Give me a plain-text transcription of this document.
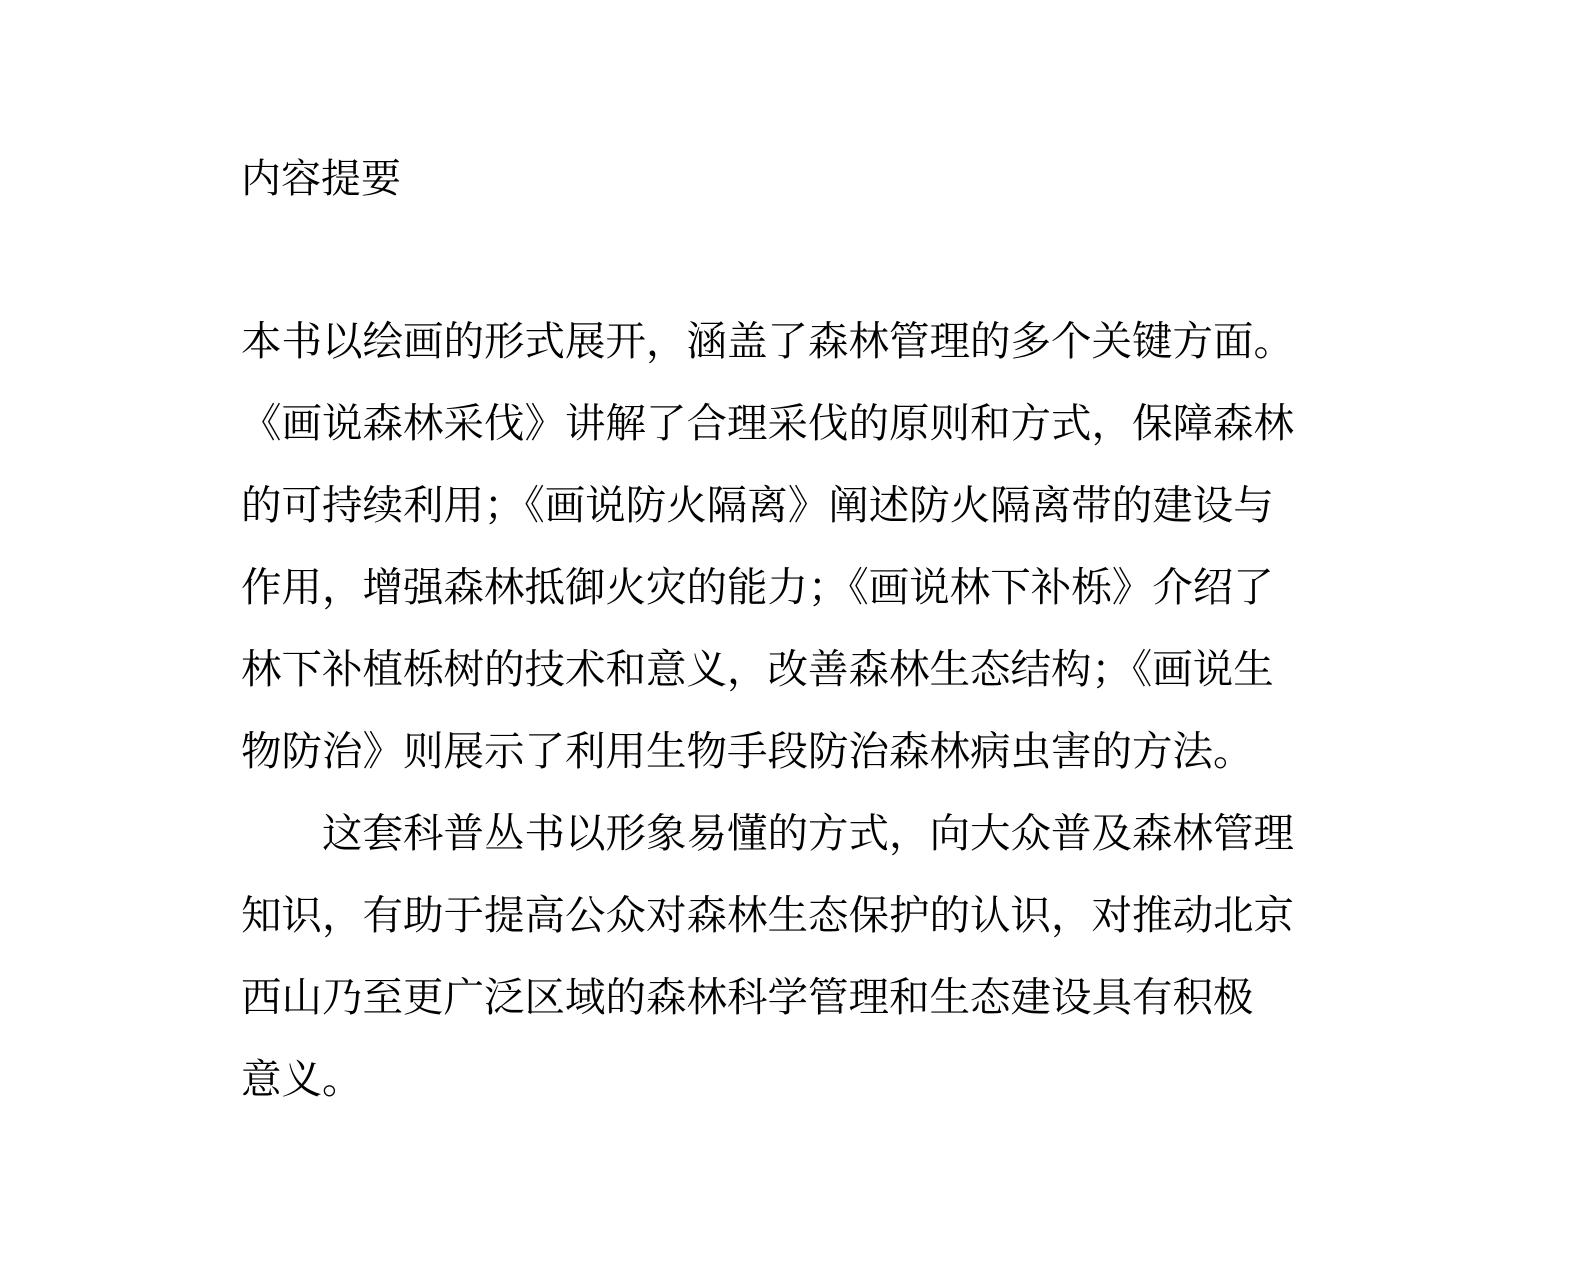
内容提要

本书以绘画的形式展开，涵盖了森林管理的多个关键方面。

《画说森林采伐》讲解了合理采伐的原则和方式，保障森林

的可持续利用；《画说防火隔离》阐述防火隔离带的建设与

作用，增强森林抵御火灾的能力；《画说林下补栎》介绍了

林下补植栎树的技术和意义，改善森林生态结构；《画说生

物防治》则展示了利用生物手段防治森林病虫害的方法。

这套科普丛书以形象易懂的方式，向大众普及森林管理

知识，有助于提高公众对森林生态保护的认识，对推动北京

西山乃至更广泛区域的森林科学管理和生态建设具有积极

意义。
